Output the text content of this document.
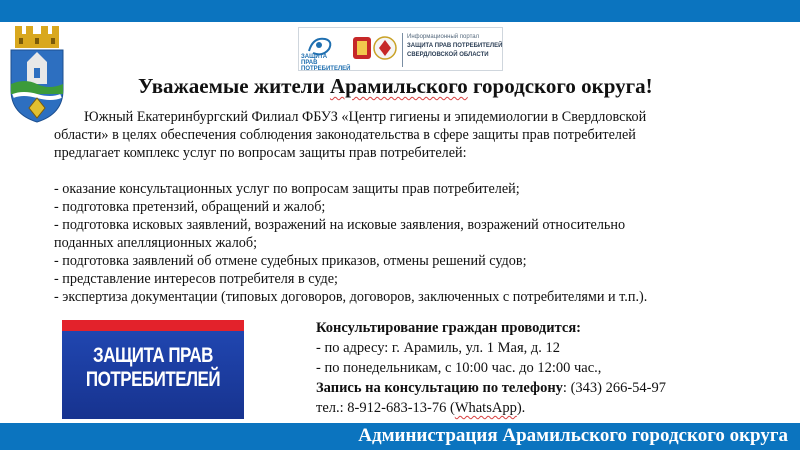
ЗАЩИТА
ПРАВ
ПОТРЕБИТЕЛЕЙ
Информационный портал
ЗАЩИТА ПРАВ ПОТРЕБИТЕЛЕЙ
СВЕРДЛОВСКОЙ ОБЛАСТИ
Уважаемые жители Арамильского городского округа!

Южный Екатеринбургский Филиал ФБУЗ «Центр гигиены и эпидемиологии в Свердловской

области» в целях обеспечения соблюдения законодательства в сфере защиты прав потребителей

предлагает комплекс услуг по вопросам защиты прав потребителей:

- оказание консультационных услуг по вопросам защиты прав потребителей;

- подготовка претензий, обращений и жалоб;

- подготовка исковых заявлений, возражений на исковые заявления, возражений относительно

поданных апелляционных жалоб;

- подготовка заявлений об отмене судебных приказов, отмены решений судов;

- представление интересов потребителя в суде;

- экспертиза документации (типовых договоров, договоров, заключенных с потребителями и т.п.).

ЗАЩИТА ПРАВ
ПОТРЕБИТЕЛЕЙ
Консультирование граждан проводится:
- по адресу: г. Арамиль, ул. 1 Мая, д. 12
- по понедельникам, с 10:00 час. до 12:00 час.,
Запись на консультацию по телефону: (343) 266-54-97
тел.: 8-912-683-13-76 (WhatsApp).
Администрация Арамильского городского округа
